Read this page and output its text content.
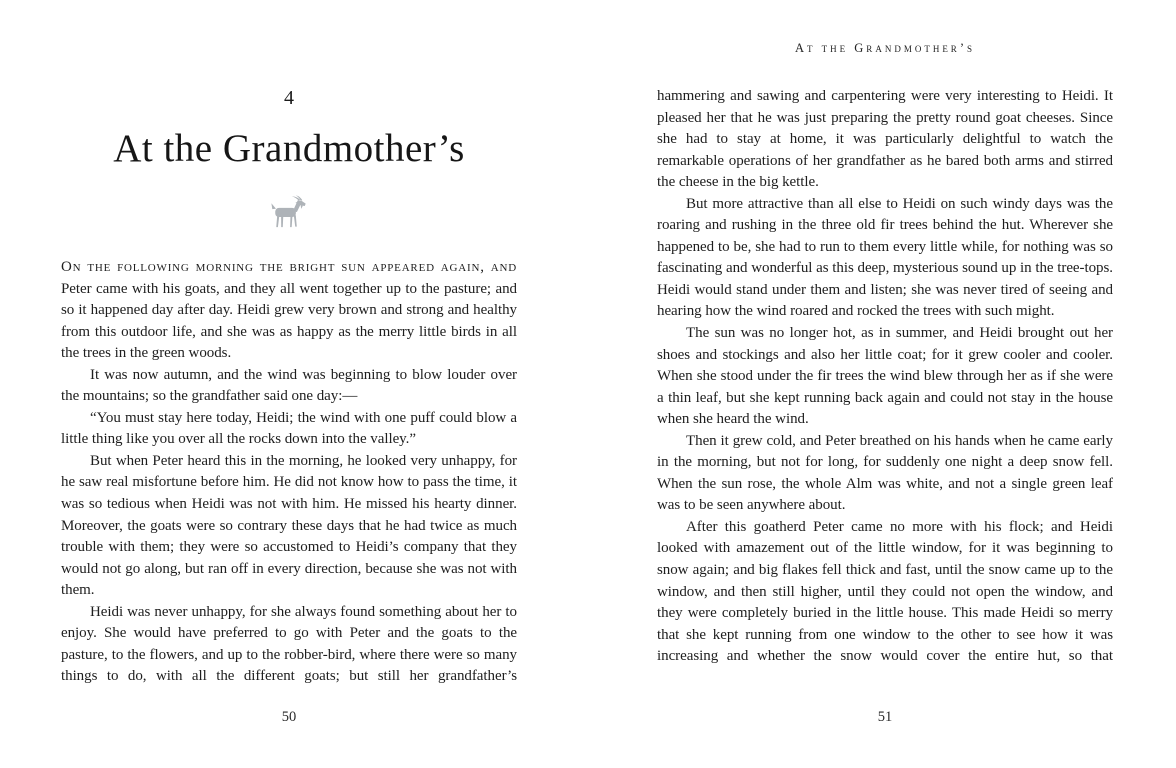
4
At the Grandmother’s

On the following morning the bright sun appeared again, and Peter came with his goats, and they all went together up to the pasture; and so it happened day after day. Heidi grew very brown and strong and healthy from this outdoor life, and she was as happy as the merry little birds in all the trees in the green woods.

It was now autumn, and the wind was beginning to blow louder over the mountains; so the grandfather said one day:—

“You must stay here today, Heidi; the wind with one puff could blow a little thing like you over all the rocks down into the valley.”

But when Peter heard this in the morning, he looked very unhappy, for he saw real misfortune before him. He did not know how to pass the time, it was so tedious when Heidi was not with him. He missed his hearty dinner. Moreover, the goats were so contrary these days that he had twice as much trouble with them; they were so accustomed to Heidi’s company that they would not go along, but ran off in every direction, because she was not with them.

Heidi was never unhappy, for she always found something about her to enjoy. She would have preferred to go with Peter and the goats to the pasture, to the flowers, and up to the robber-bird, where there were so many things to do, with all the different goats; but still her grandfather’s

50
At the Grandmother’s

hammering and sawing and carpentering were very interesting to Heidi. It pleased her that he was just preparing the pretty round goat cheeses. Since she had to stay at home, it was particularly delightful to watch the remarkable operations of her grandfather as he bared both arms and stirred the cheese in the big kettle.

But more attractive than all else to Heidi on such windy days was the roaring and rushing in the three old fir trees behind the hut. Wherever she happened to be, she had to run to them every little while, for nothing was so fascinating and wonderful as this deep, mysterious sound up in the tree-tops. Heidi would stand under them and listen; she was never tired of seeing and hearing how the wind roared and rocked the trees with such might.

The sun was no longer hot, as in summer, and Heidi brought out her shoes and stockings and also her little coat; for it grew cooler and cooler. When she stood under the fir trees the wind blew through her as if she were a thin leaf, but she kept running back again and could not stay in the house when she heard the wind.

Then it grew cold, and Peter breathed on his hands when he came early in the morning, but not for long, for suddenly one night a deep snow fell. When the sun rose, the whole Alm was white, and not a single green leaf was to be seen anywhere about.

After this goatherd Peter came no more with his flock; and Heidi looked with amazement out of the little window, for it was beginning to snow again; and big flakes fell thick and fast, until the snow came up to the window, and then still higher, until they could not open the window, and they were completely buried in the little house. This made Heidi so merry that she kept running from one window to the other to see how it was increasing and whether the snow would cover the entire hut, so that

51
